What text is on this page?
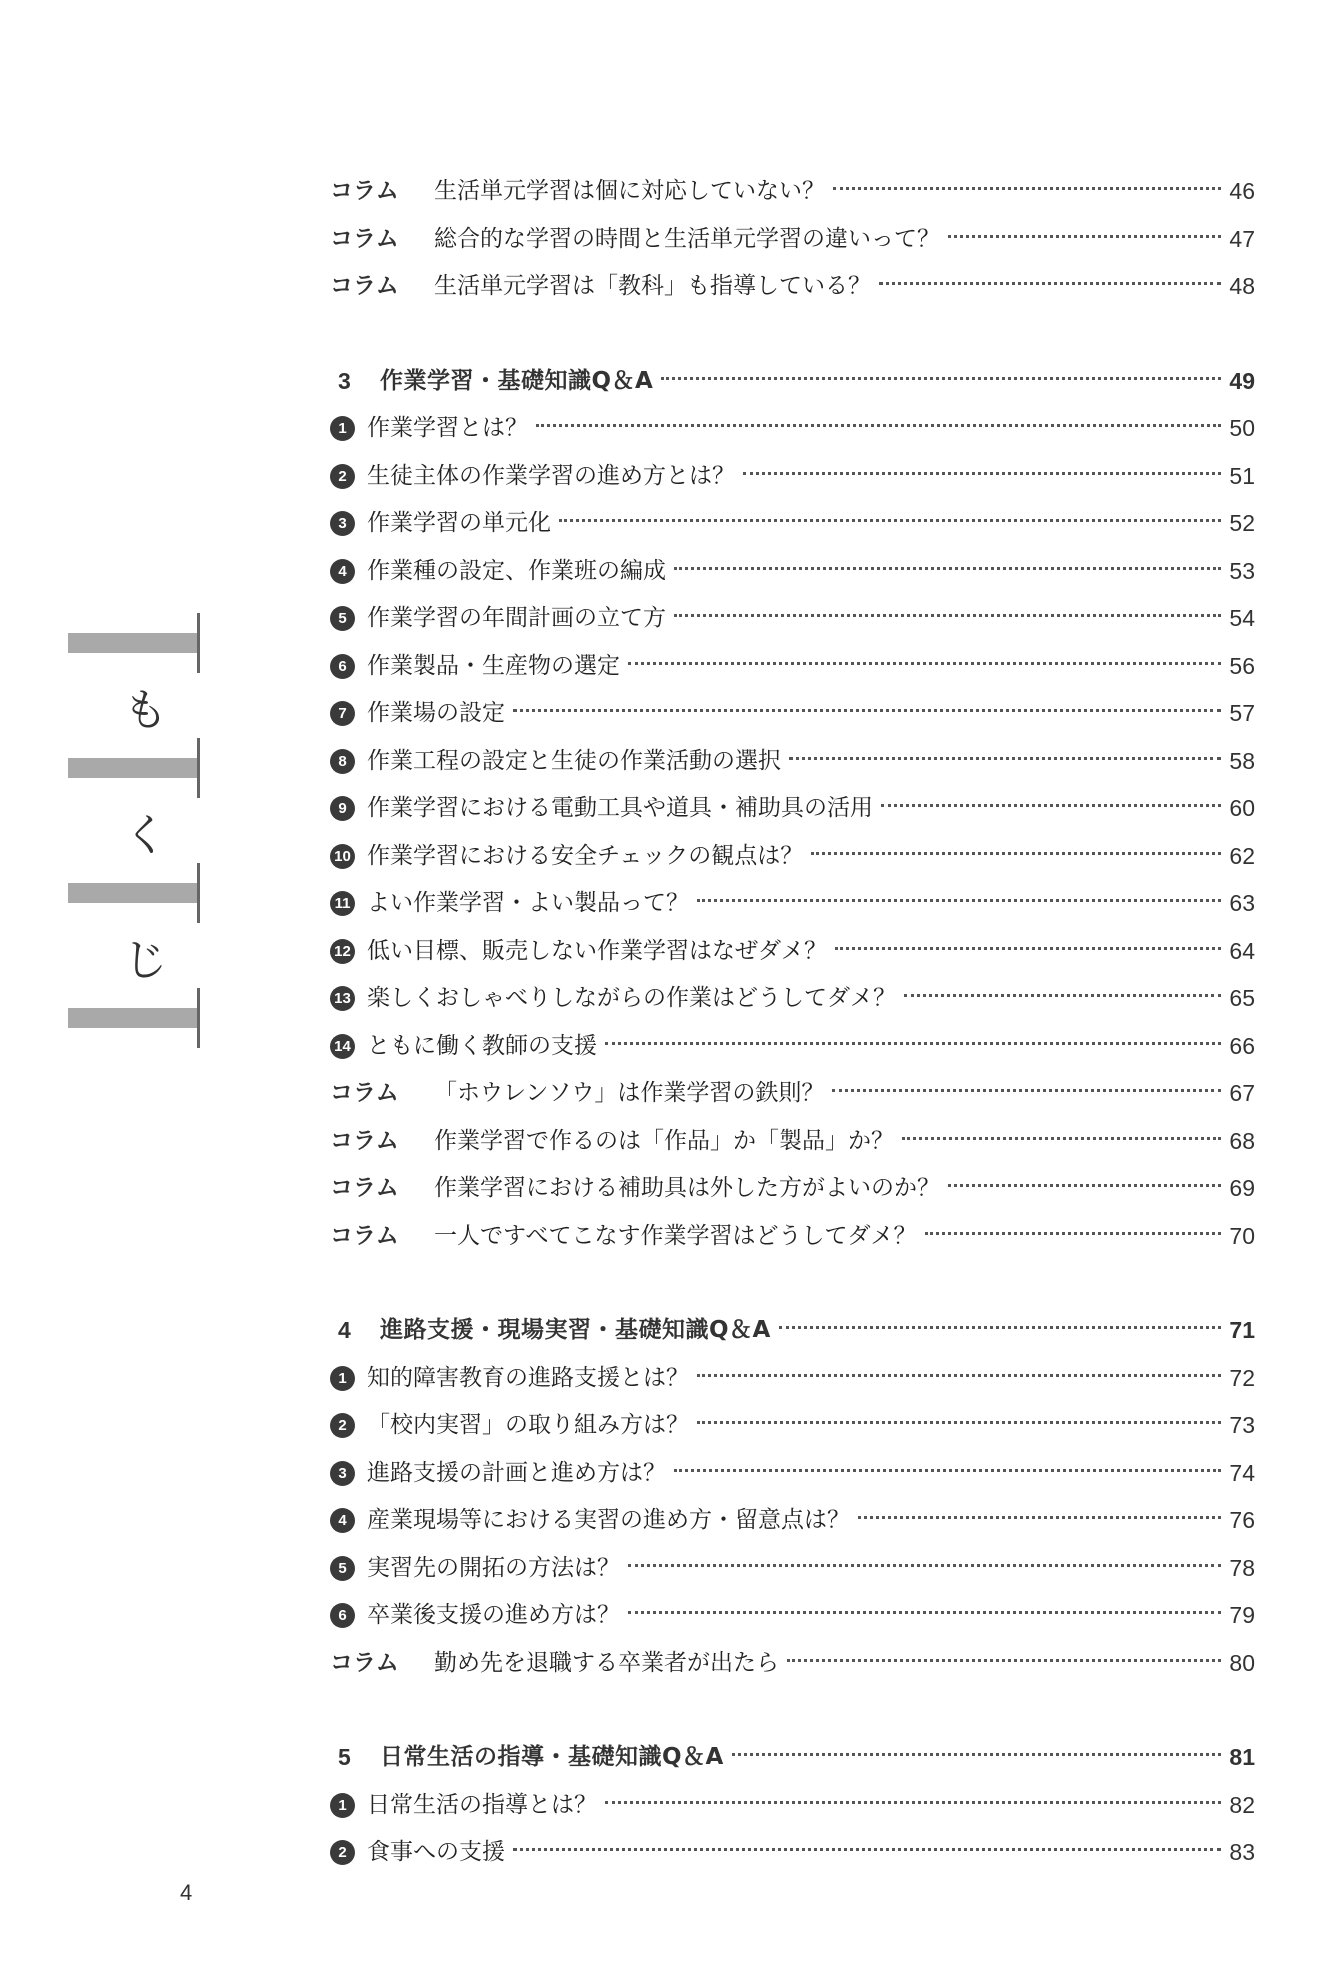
も
く
じ
コラム	生活単元学習は個に対応していない？	46
コラム	総合的な学習の時間と生活単元学習の違いって？	47
コラム	生活単元学習は「教科」も指導している？	48
3	作業学習・基礎知識Q＆A	49
1 作業学習とは？	50
2 生徒主体の作業学習の進め方とは？	51
3 作業学習の単元化	52
4 作業種の設定、作業班の編成	53
5 作業学習の年間計画の立て方	54
6 作業製品・生産物の選定	56
7 作業場の設定	57
8 作業工程の設定と生徒の作業活動の選択	58
9 作業学習における電動工具や道具・補助具の活用	60
10 作業学習における安全チェックの観点は？	62
11 よい作業学習・よい製品って？	63
12 低い目標、販売しない作業学習はなぜダメ？	64
13 楽しくおしゃべりしながらの作業はどうしてダメ？	65
14 ともに働く教師の支援	66
コラム	「ホウレンソウ」は作業学習の鉄則？	67
コラム	作業学習で作るのは「作品」か「製品」か？	68
コラム	作業学習における補助具は外した方がよいのか？	69
コラム	一人ですべてこなす作業学習はどうしてダメ？	70
4	進路支援・現場実習・基礎知識Q＆A	71
1 知的障害教育の進路支援とは？	72
2 「校内実習」の取り組み方は？	73
3 進路支援の計画と進め方は？	74
4 産業現場等における実習の進め方・留意点は？	76
5 実習先の開拓の方法は？	78
6 卒業後支援の進め方は？	79
コラム	勤め先を退職する卒業者が出たら	80
5	日常生活の指導・基礎知識Q＆A	81
1 日常生活の指導とは？	82
2 食事への支援	83
4
